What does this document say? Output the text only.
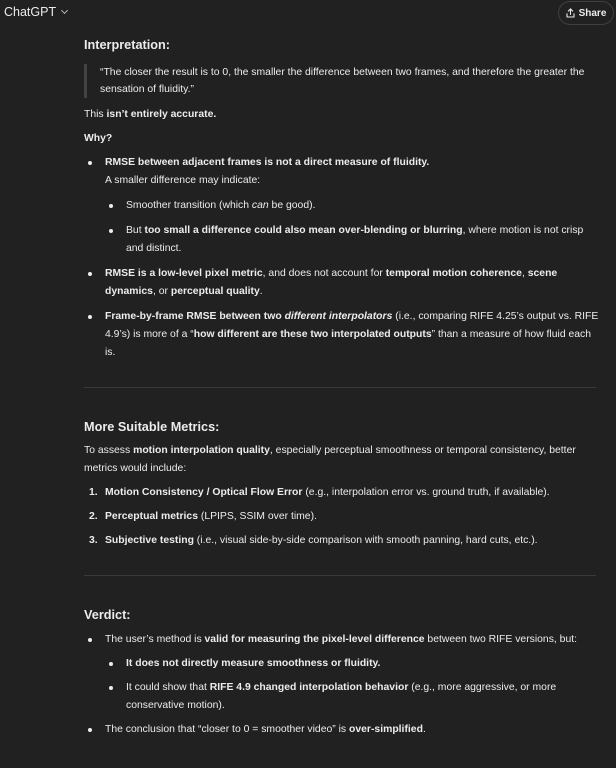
ChatGPT	Share
Interpretation:
“The closer the result is to 0, the smaller the difference between two frames, and therefore the greater the sensation of fluidity.”

This isn’t entirely accurate.

Why?

RMSE between adjacent frames is not a direct measure of fluidity.
A smaller difference may indicate:
Smoother transition (which can be good).
But too small a difference could also mean over-blending or blurring, where motion is not crisp and distinct.
RMSE is a low-level pixel metric, and does not account for temporal motion coherence, scene dynamics, or perceptual quality.
Frame-by-frame RMSE between two different interpolators (i.e., comparing RIFE 4.25’s output vs. RIFE 4.9’s) is more of a “how different are these two interpolated outputs” than a measure of how fluid each is.
More Suitable Metrics:

To assess motion interpolation quality, especially perceptual smoothness or temporal consistency, better metrics would include:

1. Motion Consistency / Optical Flow Error (e.g., interpolation error vs. ground truth, if available).
2. Perceptual metrics (LPIPS, SSIM over time).
3. Subjective testing (i.e., visual side-by-side comparison with smooth panning, hard cuts, etc.).
Verdict:
The user’s method is valid for measuring the pixel-level difference between two RIFE versions, but:
It does not directly measure smoothness or fluidity.
It could show that RIFE 4.9 changed interpolation behavior (e.g., more aggressive, or more conservative motion).
The conclusion that “closer to 0 = smoother video” is over-simplified.
